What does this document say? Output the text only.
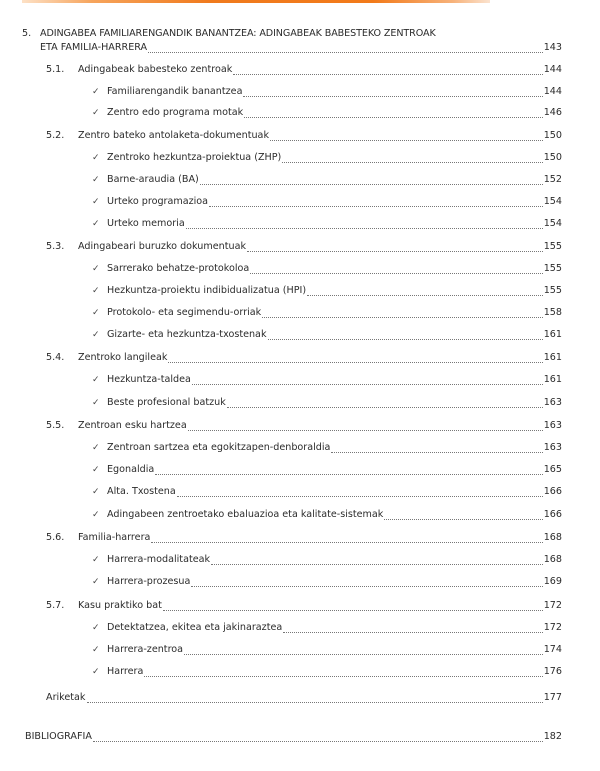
5. ADINGABEA FAMILIARENGANDIK BANANTZEA: ADINGABEAK BABESTEKO ZENTROAK
ETA FAMILIA-HARRERA	143
5.1. Adingabeak babesteko zentroak	144
✓ Familiarengandik banantzea	144
✓ Zentro edo programa motak	146
5.2. Zentro bateko antolaketa-dokumentuak	150
✓ Zentroko hezkuntza-proiektua (ZHP)	150
✓ Barne-araudia (BA)	152
✓ Urteko programazioa	154
✓ Urteko memoria	154
5.3. Adingabeari buruzko dokumentuak	155
✓ Sarrerako behatze-protokoloa	155
✓ Hezkuntza-proiektu indibidualizatua (HPI)	155
✓ Protokolo- eta segimendu-orriak	158
✓ Gizarte- eta hezkuntza-txostenak	161
5.4. Zentroko langileak	161
✓ Hezkuntza-taldea	161
✓ Beste profesional batzuk	163
5.5. Zentroan esku hartzea	163
✓ Zentroan sartzea eta egokitzapen-denboraldia	163
✓ Egonaldia	165
✓ Alta. Txostena	166
✓ Adingabeen zentroetako ebaluazioa eta kalitate-sistemak	166
5.6. Familia-harrera	168
✓ Harrera-modalitateak	168
✓ Harrera-prozesua	169
5.7. Kasu praktiko bat	172
✓ Detektatzea, ekitea eta jakinaraztea	172
✓ Harrera-zentroa	174
✓ Harrera	176
Ariketak	177
BIBLIOGRAFIA	182
